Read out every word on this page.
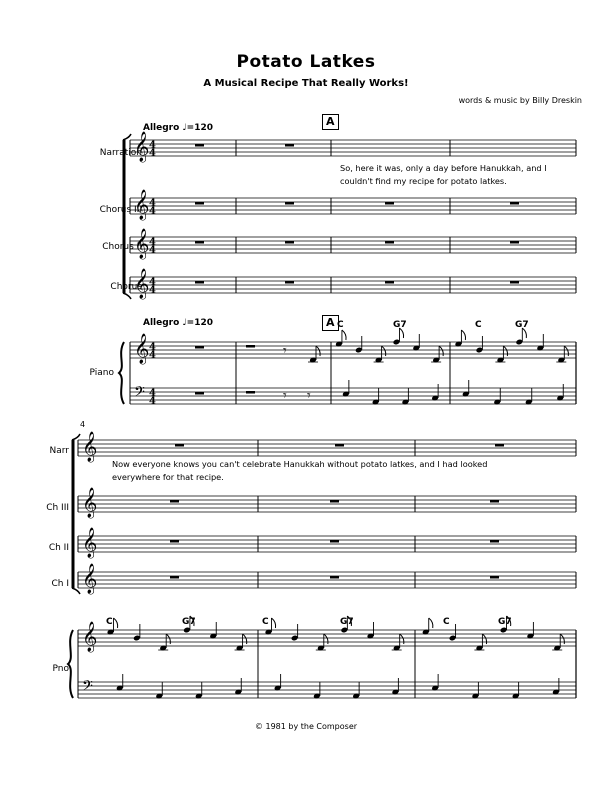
Potato Latkes
A Musical Recipe That Really Works!
words & music by Billy Dreskin
Allegro ♩=120	A
Narration
Chorus III
Chorus II
Chorus
Piano
So, here it was, only a day before Hanukkah, and I couldn't find my recipe for potato latkes.
Allegro ♩=120	A C	G7	C	G7
4
Narr
Ch III
Ch II
Ch I
Pno
Now everyone knows you can't celebrate Hanukkah without potato latkes, and I had looked everywhere for that recipe.
C	G7	C	G7	C	G7
© 1981 by the Composer
𝄞 4
4
𝄞 4
4
𝄞 4
4
𝄞 4
4
𝄞 4
4
𝄢 4
4
𝄾
𝄾 𝄾
𝄞
𝄞
𝄞
𝄞
𝄞
𝄢
